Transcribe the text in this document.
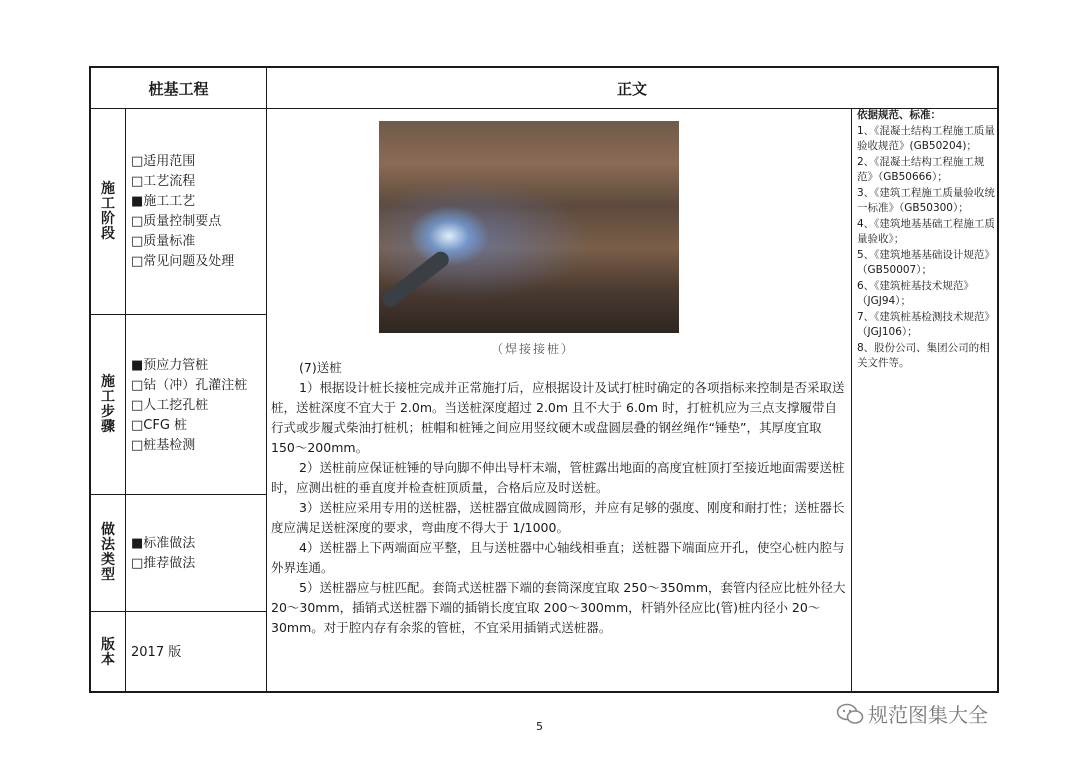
桩基工程	正文
施工阶段
□适用范围
□工艺流程
■施工工艺
□质量控制要点
□质量标准
□常见问题及处理
施工步骤
■预应力管桩
□钻（冲）孔灌注桩
□人工挖孔桩
□CFG 桩
□桩基检测
做法类型
■标准做法
□推荐做法
版本 2017 版
（焊接接桩）

(7)送桩

1）根据设计桩长接桩完成并正常施打后，应根据设计及试打桩时确定的各项指标来控制是否采取送桩，送桩深度不宜大于 2.0m。当送桩深度超过 2.0m 且不大于 6.0m 时，打桩机应为三点支撑履带自行式或步履式柴油打桩机；桩帽和桩锤之间应用竖纹硬木或盘圆层叠的钢丝绳作“锤垫”，其厚度宜取 150～200mm。

2）送桩前应保证桩锤的导向脚不伸出导杆末端，管桩露出地面的高度宜桩顶打至接近地面需要送桩时，应测出桩的垂直度并检查桩顶质量，合格后应及时送桩。

3）送桩应采用专用的送桩器，送桩器宜做成圆筒形，并应有足够的强度、刚度和耐打性；送桩器长度应满足送桩深度的要求，弯曲度不得大于 1/1000。

4）送桩器上下两端面应平整，且与送桩器中心轴线相垂直；送桩器下端面应开孔，使空心桩内腔与外界连通。

5）送桩器应与桩匹配。套筒式送桩器下端的套筒深度宜取 250～350mm，套管内径应比桩外径大 20～30mm，插销式送桩器下端的插销长度宜取 200～300mm，杆销外径应比(管)桩内径小 20～30mm。对于腔内存有余浆的管桩，不宜采用插销式送桩器。

依据规范、标准：
1、《混凝土结构工程施工质量验收规范》(GB50204)；
2、《混凝土结构工程施工规范》（GB50666）；
3、《建筑工程施工质量验收统一标准》（GB50300）；
4、《建筑地基基础工程施工质量验收》；
5、《建筑地基基础设计规范》（GB50007）；
6、《建筑桩基技术规范》（JGJ94）；
7、《建筑桩基检测技术规范》（JGJ106）；
8、股份公司、集团公司的相关文件等。
5	规范图集大全
